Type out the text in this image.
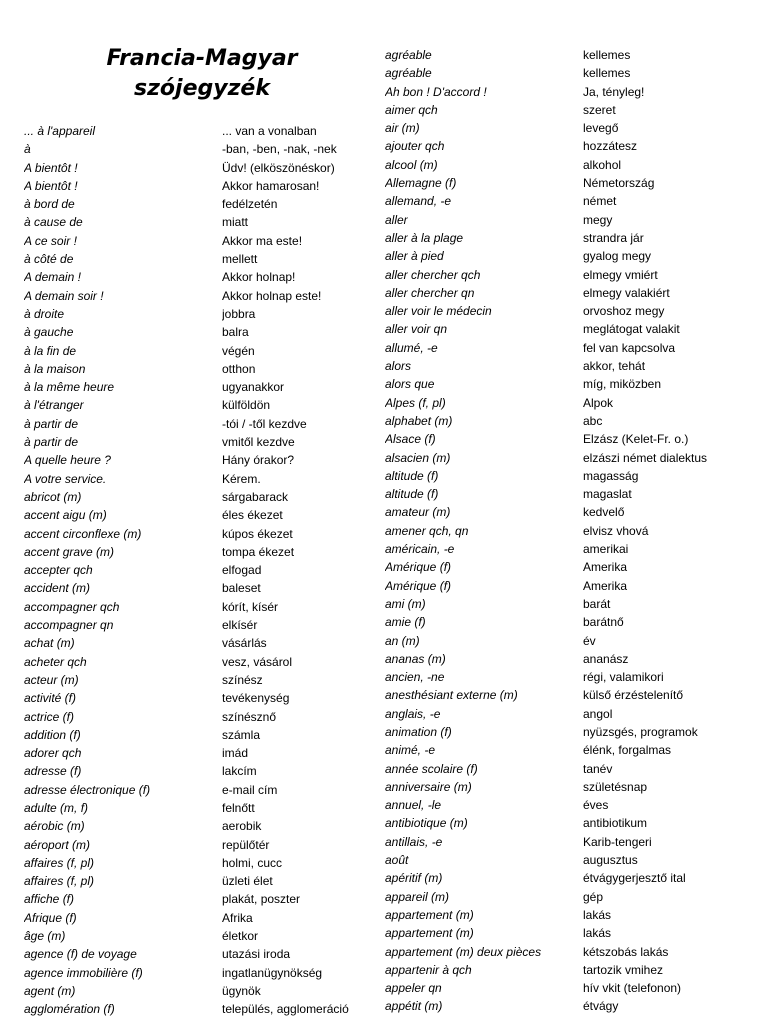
Francia-Magyar
szójegyzék
... à l'appareil
à
A bientôt !
A bientôt !
à bord de
à cause de
A ce soir !
à côté de
A demain !
A demain soir !
à droite
à gauche
à la fin de
à la maison
à la même heure
à l'étranger
à partir de
à partir de
A quelle heure ?
A votre service.
abricot (m)
accent aigu (m)
accent circonflexe (m)
accent grave (m)
accepter qch
accident (m)
accompagner qch
accompagner qn
achat (m)
acheter qch
acteur (m)
activité (f)
actrice (f)
addition (f)
adorer qch
adresse (f)
adresse électronique (f)
adulte (m, f)
aérobic (m)
aéroport (m)
affaires (f, pl)
affaires (f, pl)
affiche (f)
Afrique (f)
âge (m)
agence (f) de voyage
agence immobilière (f)
agent (m)
agglomération (f)
... van a vonalban
-ban, -ben, -nak, -nek
Üdv! (elköszönéskor)
Akkor hamarosan!
fedélzetén
miatt
Akkor ma este!
mellett
Akkor holnap!
Akkor holnap este!
jobbra
balra
végén
otthon
ugyanakkor
külföldön
-tói / -től kezdve
vmitől kezdve
Hány órakor?
Kérem.
sárgabarack
éles ékezet
kúpos ékezet
tompa ékezet
elfogad
baleset
kórít, kísér
elkísér
vásárlás
vesz, vásárol
színész
tevékenység
színésznő
számla
imád
lakcím
e-mail cím
felnőtt
aerobik
repülőtér
holmi, cucc
üzleti élet
plakát, poszter
Afrika
életkor
utazási iroda
ingatlanügynökség
ügynök
település, agglomeráció
agréable
agréable
Ah bon ! D'accord !
aimer qch
air (m)
ajouter qch
alcool (m)
Allemagne (f)
allemand, -e
aller
aller à la plage
aller à pied
aller chercher qch
aller chercher qn
aller voir le médecin
aller voir qn
allumé, -e
alors
alors que
Alpes (f, pl)
alphabet (m)
Alsace (f)
alsacien (m)
altitude (f)
altitude (f)
amateur (m)
amener qch, qn
américain, -e
Amérique (f)
Amérique (f)
ami (m)
amie (f)
an (m)
ananas (m)
ancien, -ne
anesthésiant externe (m)
anglais, -e
animation (f)
animé, -e
année scolaire (f)
anniversaire (m)
annuel, -le
antibiotique (m)
antillais, -e
août
apéritif (m)
appareil (m)
appartement (m)
appartement (m)
appartement (m) deux pièces
appartenir à qch
appeler qn
appétit (m)
kellemes
kellemes
Ja, tényleg!
szeret
levegő
hozzátesz
alkohol
Németország
német
megy
strandra jár
gyalog megy
elmegy vmiért
elmegy valakiért
orvoshoz megy
meglátogat valakit
fel van kapcsolva
akkor, tehát
míg, miközben
Alpok
abc
Elzász (Kelet-Fr. o.)
elzászi német dialektus
magasság
magaslat
kedvelő
elvisz vhová
amerikai
Amerika
Amerika
barát
barátnő
év
ananász
régi, valamikori
külső érzéstelenítő
angol
nyüzsgés, programok
élénk, forgalmas
tanév
születésnap
éves
antibiotikum
Karib-tengeri
augusztus
étvágygerjesztő ital
gép
lakás
lakás
kétszobás lakás
tartozik vmihez
hív vkit (telefonon)
étvágy
